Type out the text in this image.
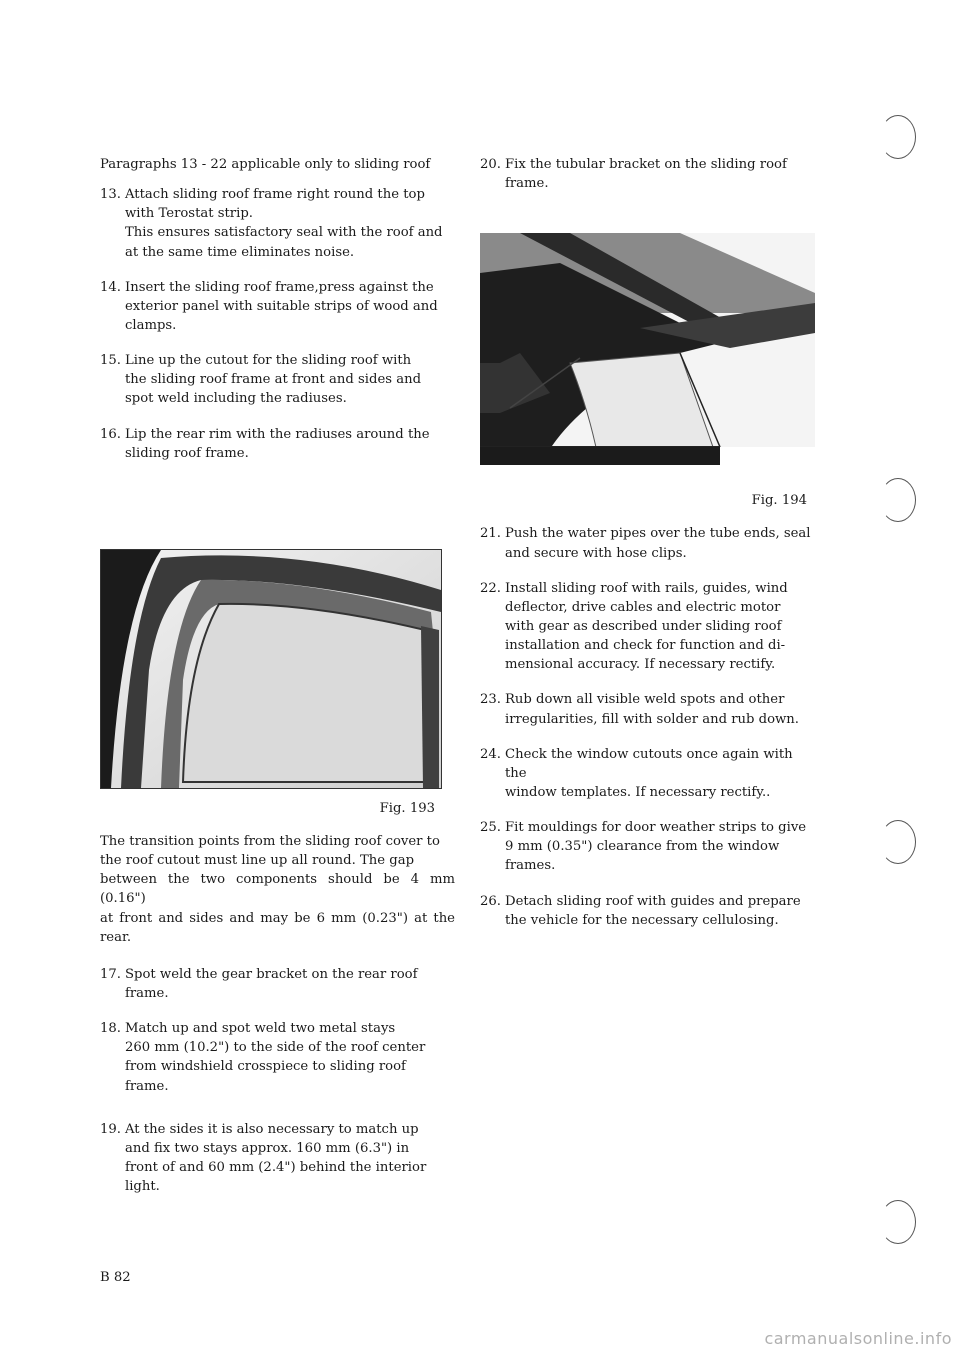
Paragraphs 13 - 22 applicable only to sliding roof
13. Attach sliding roof frame right round the top
with Terostat strip.
This ensures satisfactory seal with the roof and
at the same time eliminates noise.
14. Insert the sliding roof frame,press against the
exterior panel with suitable strips of wood and
clamps.
15. Line up the cutout for the sliding roof with
the sliding roof frame at front and sides and
spot weld including the radiuses.
16. Lip the rear rim with the radiuses around the
sliding roof frame.
Fig. 193
The transition points from the sliding roof cover to
the roof cutout must line up all round. The gap
between the two components should be 4 mm (0.16")
at front and sides and may be 6 mm (0.23") at the rear.
17. Spot weld the gear bracket on the rear roof
frame.
18. Match up and spot weld two metal stays
260 mm (10.2") to the side of the roof center
from windshield crosspiece to sliding roof
frame.
19. At the sides it is also necessary to match up
and fix two stays approx. 160 mm (6.3") in
front of and 60 mm (2.4") behind the interior
light.
20. Fix the tubular bracket on the sliding roof
frame.
Fig. 194
21. Push the water pipes over the tube ends, seal
and secure with hose clips.
22. Install sliding roof with rails, guides, wind
deflector, drive cables and electric motor
with gear as described under sliding roof
installation and check for function and di-
mensional accuracy. If necessary rectify.
23. Rub down all visible weld spots and other
irregularities, fill with solder and rub down.
24. Check the window cutouts once again with the
window templates. If necessary rectify..
25. Fit mouldings for door weather strips to give
9 mm (0.35") clearance from the window
frames.
26. Detach sliding roof with guides and prepare
the vehicle for the necessary cellulosing.
B 82
carmanualsonline.info
